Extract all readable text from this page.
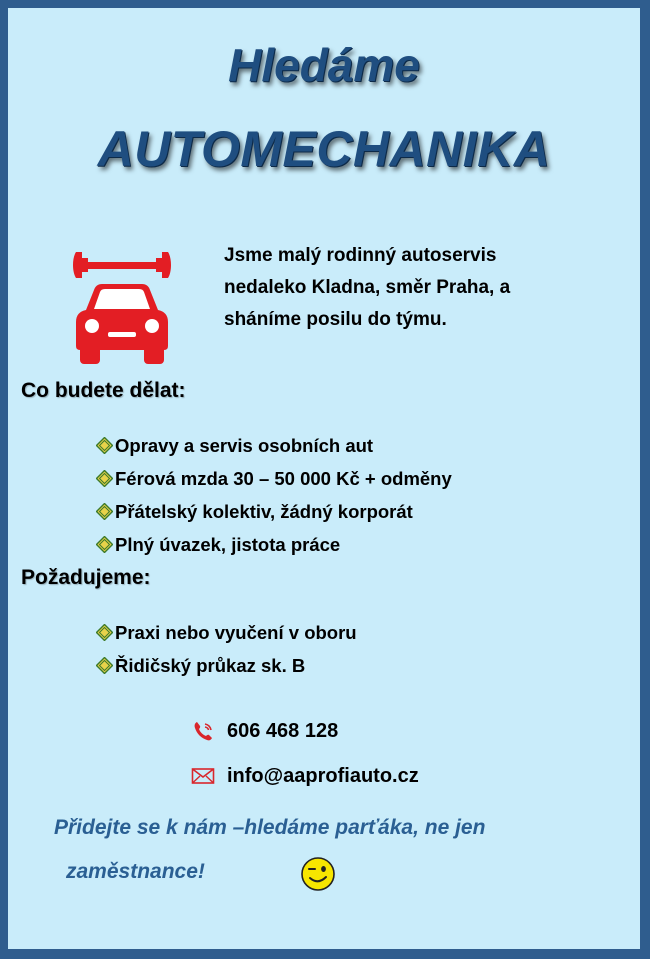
Hledáme
AUTOMECHANIKA
Jsme malý rodinný autoservis
nedaleko Kladna, směr Praha, a
sháníme posilu do týmu.
Co budete dělat:
Opravy a servis osobních aut
Férová mzda 30 – 50 000 Kč + odměny
Přátelský kolektiv, žádný korporát
Plný úvazek, jistota práce
Požadujeme:
Praxi nebo vyučení v oboru
Řidičský průkaz sk. B
606 468 128
info@aaprofiauto.cz
Přidejte se k nám –hledáme parťáka, ne jen
zaměstnance!
